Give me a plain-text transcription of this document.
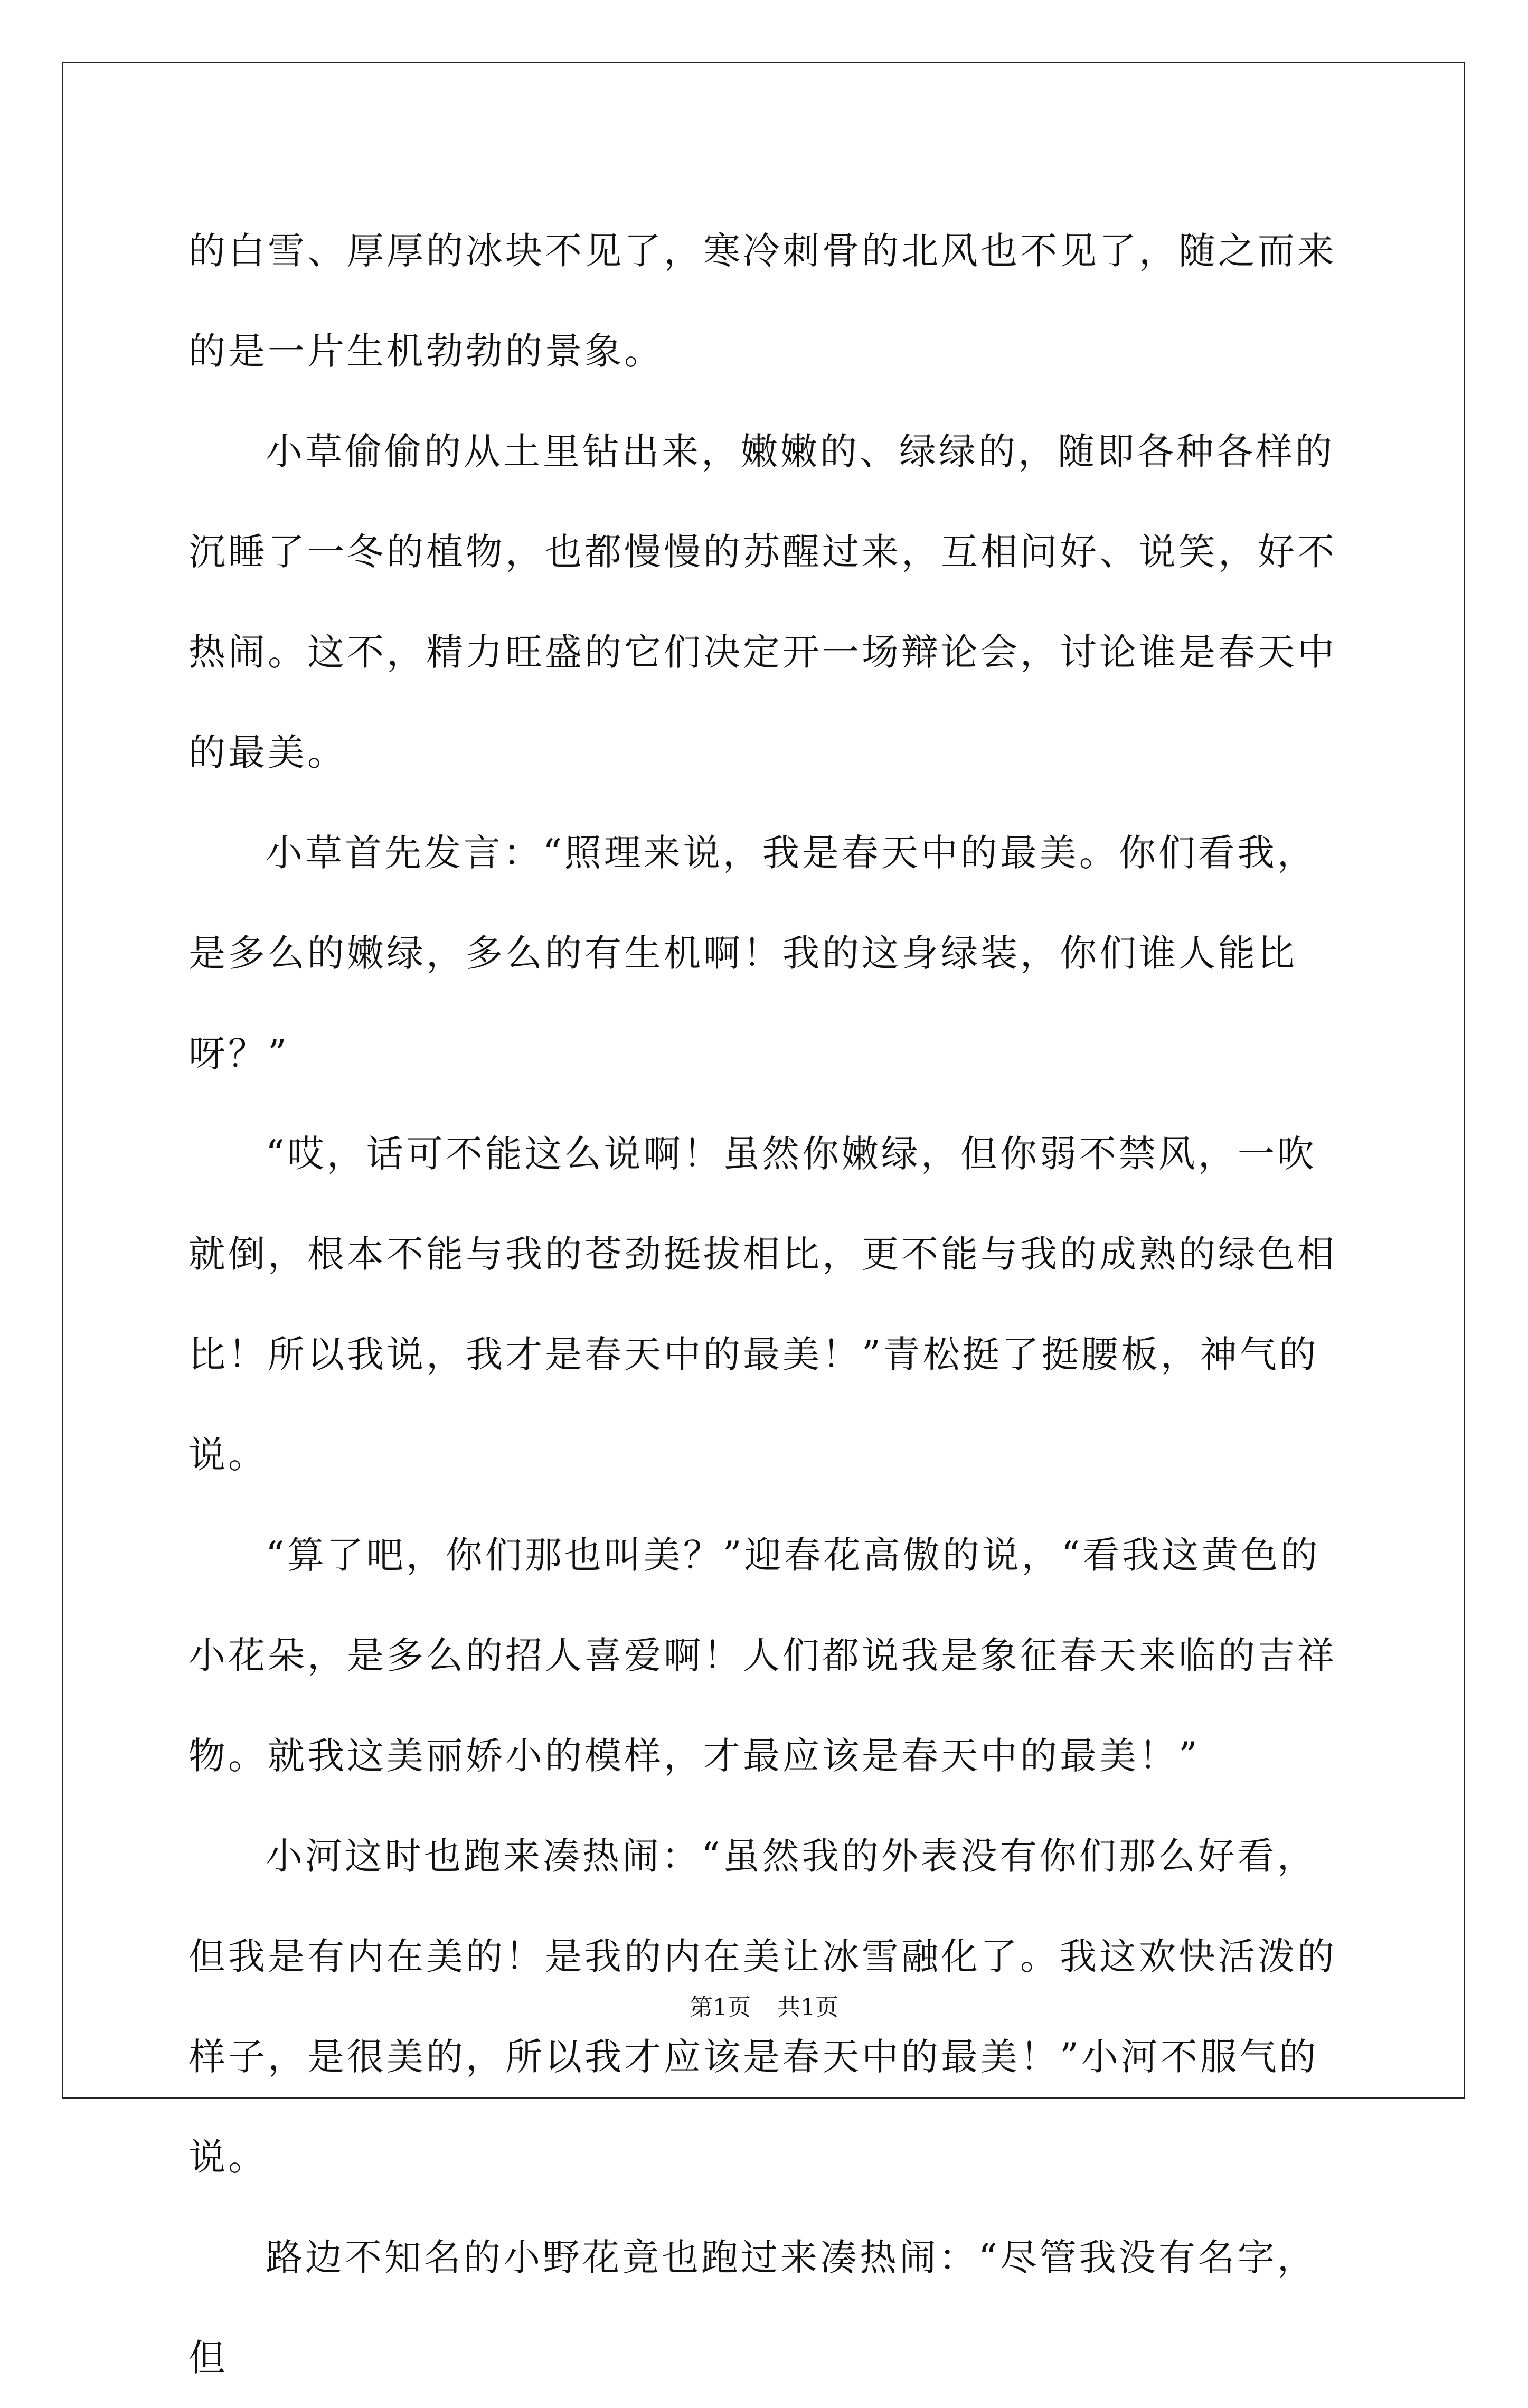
的白雪、厚厚的冰块不见了，寒冷刺骨的北风也不见了，随之而来的是一片生机勃勃的景象。

小草偷偷的从土里钻出来，嫩嫩的、绿绿的，随即各种各样的沉睡了一冬的植物，也都慢慢的苏醒过来，互相问好、说笑，好不热闹。这不，精力旺盛的它们决定开一场辩论会，讨论谁是春天中的最美。

小草首先发言：“照理来说，我是春天中的最美。你们看我，是多么的嫩绿，多么的有生机啊！我的这身绿装，你们谁人能比呀？”

“哎，话可不能这么说啊！虽然你嫩绿，但你弱不禁风，一吹就倒，根本不能与我的苍劲挺拔相比，更不能与我的成熟的绿色相比！所以我说，我才是春天中的最美！”青松挺了挺腰板，神气的说。

“算了吧，你们那也叫美？”迎春花高傲的说，“看我这黄色的小花朵，是多么的招人喜爱啊！人们都说我是象征春天来临的吉祥物。就我这美丽娇小的模样，才最应该是春天中的最美！”

小河这时也跑来凑热闹：“虽然我的外表没有你们那么好看，但我是有内在美的！是我的内在美让冰雪融化了。我这欢快活泼的样子，是很美的，所以我才应该是春天中的最美！”小河不服气的说。

路边不知名的小野花竟也跑过来凑热闹：“尽管我没有名字，但

第1页 共1页
